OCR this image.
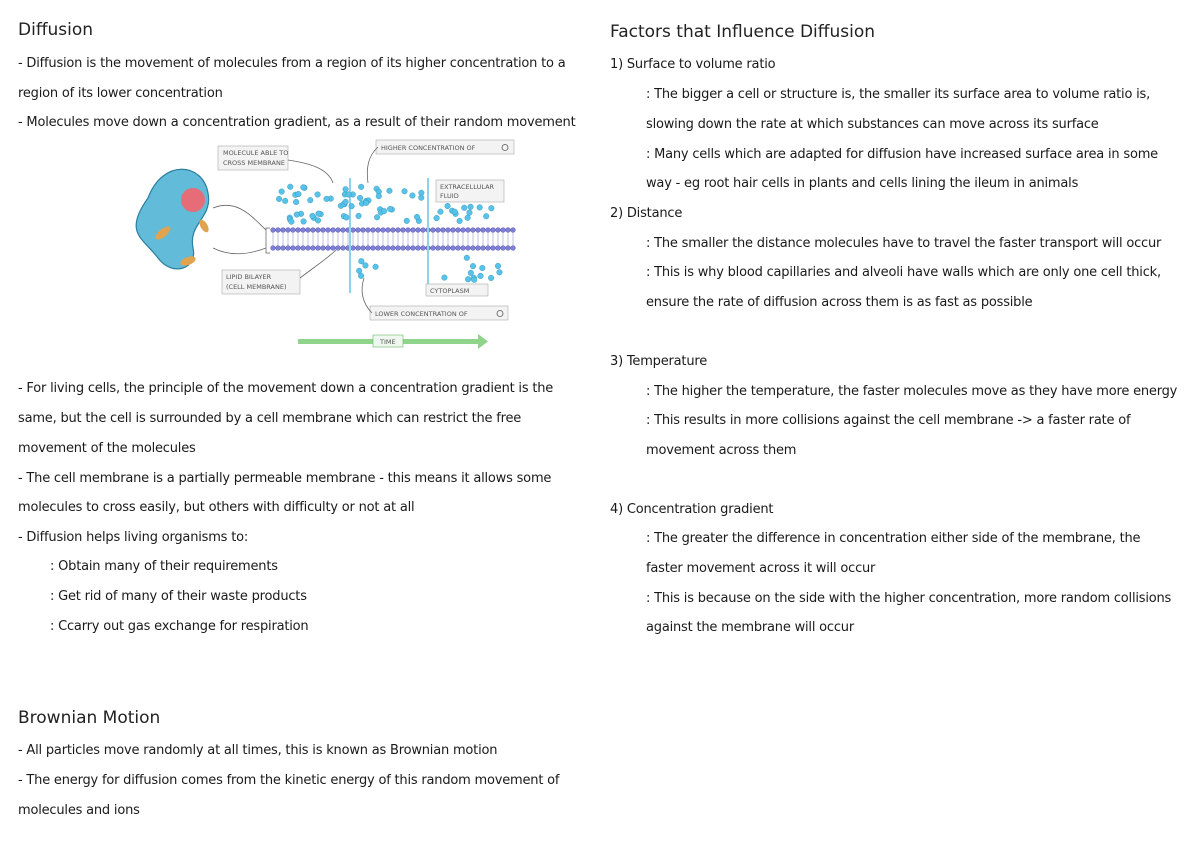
Diffusion
- Diffusion is the movement of molecules from a region of its higher concentration to a
region of its lower concentration
- Molecules move down a concentration gradient, as a result of their random movement
MOLECULE ABLE TO
CROSS MEMBRANE
HIGHER CONCENTRATION OF
EXTRACELLULAR
FLUID
LIPID BILAYER
(CELL MEMBRANE)	CYTOPLASM
LOWER CONCENTRATION OF
TIME
- For living cells, the principle of the movement down a concentration gradient is the
same, but the cell is surrounded by a cell membrane which can restrict the free
movement of the molecules
- The cell membrane is a partially permeable membrane - this means it allows some
molecules to cross easily, but others with difficulty or not at all
- Diffusion helps living organisms to:
: Obtain many of their requirements
: Get rid of many of their waste products
: Ccarry out gas exchange for respiration
Brownian Motion
- All particles move randomly at all times, this is known as Brownian motion
- The energy for diffusion comes from the kinetic energy of this random movement of
molecules and ions
Factors that Influence Diffusion
1) Surface to volume ratio
: The bigger a cell or structure is, the smaller its surface area to volume ratio is,
slowing down the rate at which substances can move across its surface
: Many cells which are adapted for diffusion have increased surface area in some
way - eg root hair cells in plants and cells lining the ileum in animals
2) Distance
: The smaller the distance molecules have to travel the faster transport will occur
: This is why blood capillaries and alveoli have walls which are only one cell thick,
ensure the rate of diffusion across them is as fast as possible
3) Temperature
: The higher the temperature, the faster molecules move as they have more energy
: This results in more collisions against the cell membrane -> a faster rate of
movement across them
4) Concentration gradient
: The greater the difference in concentration either side of the membrane, the
faster movement across it will occur
: This is because on the side with the higher concentration, more random collisions
against the membrane will occur
